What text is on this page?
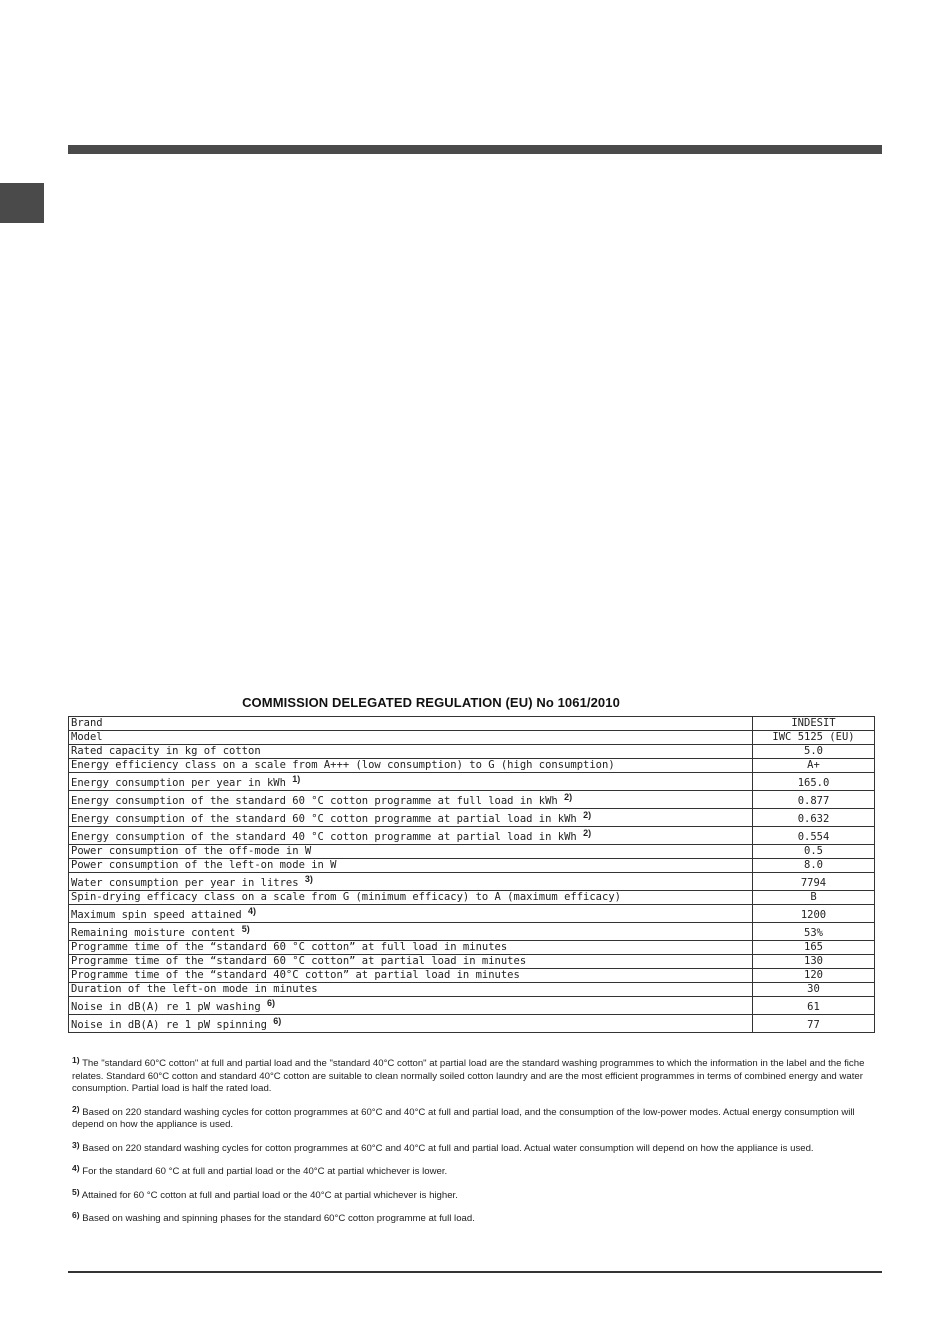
COMMISSION DELEGATED REGULATION (EU) No 1061/2010
Brand	INDESIT
Model	IWC 5125 (EU)
Rated capacity in kg of cotton	5.0
Energy efficiency class on a scale from A+++ (low consumption) to G (high consumption)	A+
Energy consumption per year in kWh $^{1)}$	165.0
Energy consumption of the standard 60 °C cotton programme at full load in kWh $^{2)}$	0.877
Energy consumption of the standard 60 °C cotton programme at partial load in kWh $^{2)}$	0.632
Energy consumption of the standard 40 °C cotton programme at partial load in kWh $^{2)}$	0.554
Power consumption of the off-mode in W	0.5
Power consumption of the left-on mode in W	8.0
Water consumption per year in litres $^{3)}$	7794
Spin-drying efficacy class on a scale from G (minimum efficacy) to A (maximum efficacy)	B
Maximum spin speed attained $^{4)}$	1200
Remaining moisture content $^{5)}$	53%
Programme time of the “standard 60 °C cotton” at full load in minutes	165
Programme time of the “standard 60 °C cotton” at partial load in minutes	130
Programme time of the “standard 40°C cotton” at partial load in minutes	120
Duration of the left-on mode in minutes	30
Noise in dB(A) re 1 pW washing $^{6)}$	61
Noise in dB(A) re 1 pW spinning $^{6)}$	77
$^{1)}$ The "standard 60°C cotton" at full and partial load and the "standard 40°C cotton" at partial load are the standard washing programmes to which the information in the label and the fiche relates. Standard 60°C cotton and standard 40°C cotton are suitable to clean normally soiled cotton laundry and are the most efficient programmes in terms of combined energy and water consumption. Partial load is half the rated load.
$^{2)}$ Based on 220 standard washing cycles for cotton programmes at 60°C and 40°C at full and partial load, and the consumption of the low-power modes. Actual energy consumption will depend on how the appliance is used.
$^{3)}$ Based on 220 standard washing cycles for cotton programmes at 60°C and 40°C at full and partial load. Actual water consumption will depend on how the appliance is used.
$^{4)}$ For the standard 60 °C at full and partial load or the 40°C at partial whichever is lower.
$^{5)}$ Attained for 60 °C cotton at full and partial load or the 40°C at partial whichever is higher.
$^{6)}$ Based on washing and spinning phases for the standard 60°C cotton programme at full load.
